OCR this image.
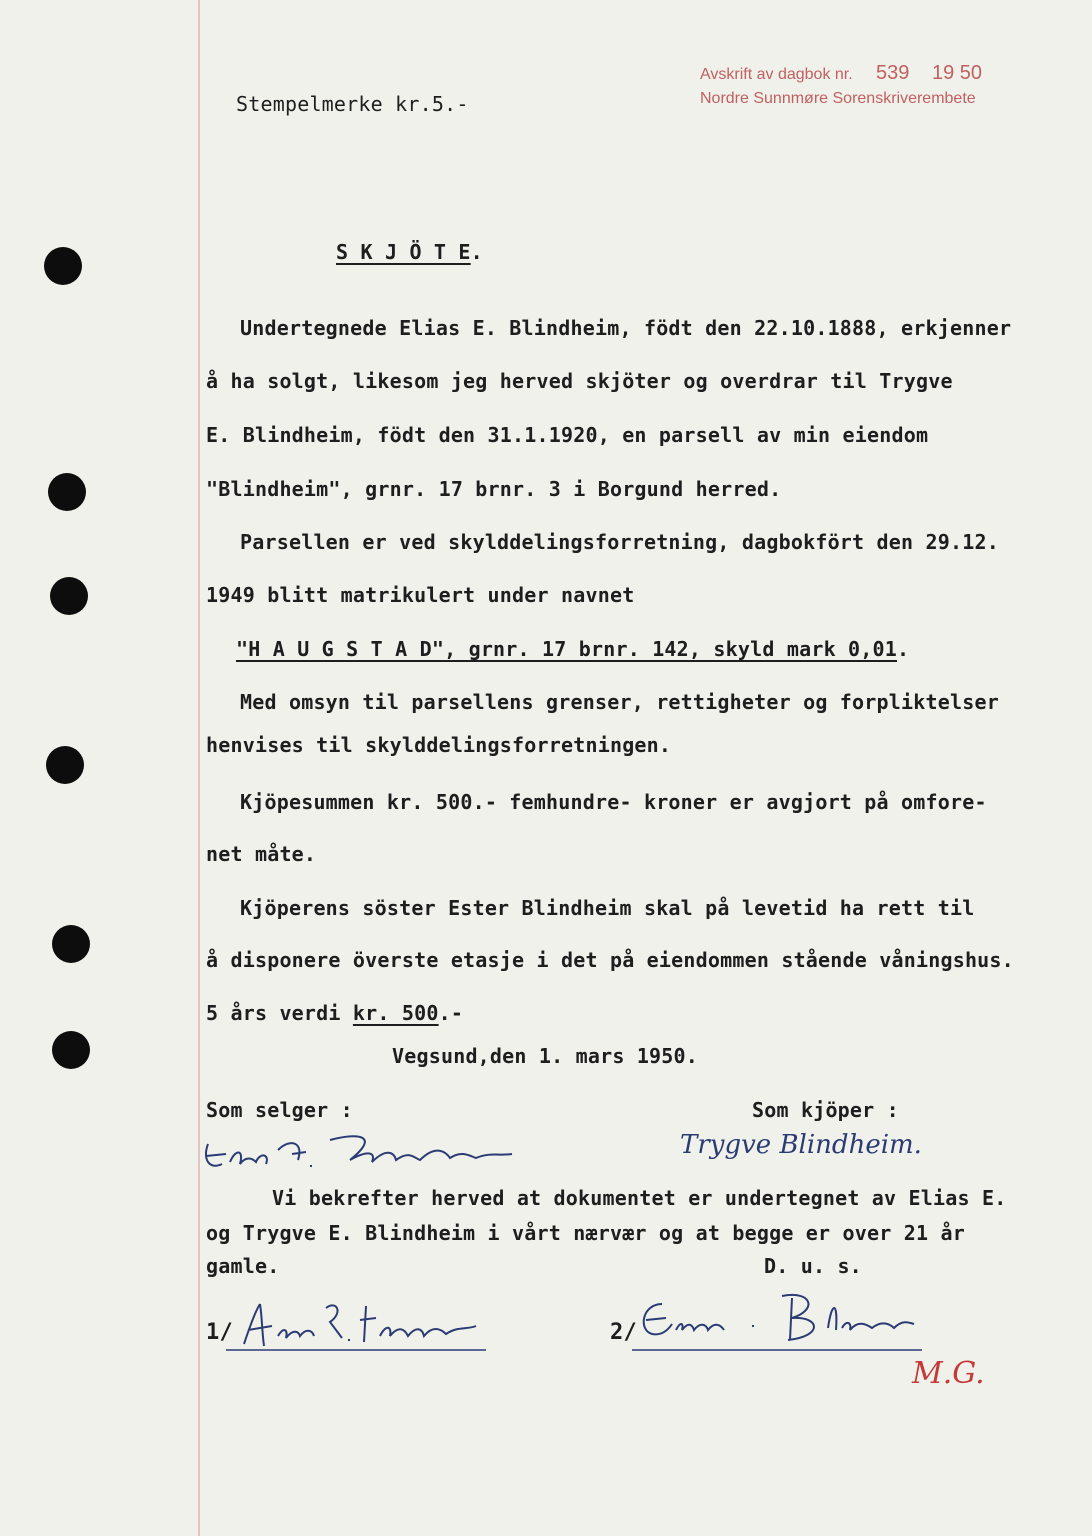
Avskrift av dagbok nr. 539 19 50
Nordre Sunnmøre Sorenskriverembete
Stempelmerke kr.5.-
S K J Ö T E.
Undertegnede Elias E. Blindheim, födt den 22.10.1888, erkjenner
å ha solgt, likesom jeg herved skjöter og overdrar til Trygve
E. Blindheim, födt den 31.1.1920, en parsell av min eiendom
"Blindheim", grnr. 17 brnr. 3 i Borgund herred.
Parsellen er ved skylddelingsforretning, dagbokfört den 29.12.
1949 blitt matrikulert under navnet
"H A U G S T A D", grnr. 17 brnr. 142, skyld mark 0,01.
Med omsyn til parsellens grenser, rettigheter og forpliktelser
henvises til skylddelingsforretningen.
Kjöpesummen kr. 500.- femhundre- kroner er avgjort på omfore-
net måte.
Kjöperens söster Ester Blindheim skal på levetid ha rett til
å disponere överste etasje i det på eiendommen stående våningshus.
5 års verdi kr. 500.-
Vegsund,den 1. mars 1950.
Som selger :	Som kjöper :
Trygve Blindheim.
Vi bekrefter herved at dokumentet er undertegnet av Elias E.
og Trygve E. Blindheim i vårt nærvær og at begge er over 21 år
gamle.	D. u. s.
1/	2/
M.G.
